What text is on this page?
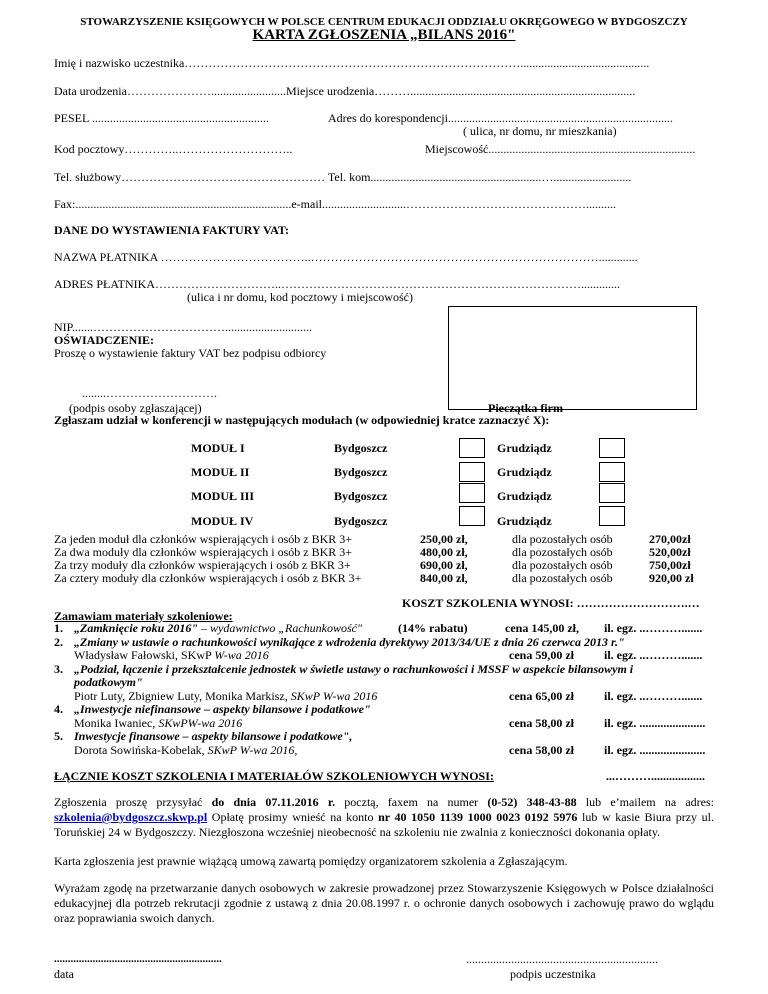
STOWARZYSZENIE KSIĘGOWYCH W POLSCE CENTRUM EDUKACJI ODDZIAŁU OKRĘGOWEGO W BYDGOSZCZY
KARTA ZGŁOSZENIA „BILANS 2016"
Imię i nazwisko uczestnika…………………………………………………………………………...........................................
Data urodzenia………………….........................Miejsce urodzenia………...........................................................................
PESEL ...........................................................	Adres do korespondencji...........................................................................
( ulica, nr domu, nr mieszkania)
Kod pocztowy…………..………………………..	Miejscowość.....................................................................
Tel. służbowy…………………………………………… Tel. kom.........................................................…..........................
Fax:........................................................................e-mail............................………………………………………..........
DANE DO WYSTAWIENIA FAKTURY VAT:
NAZWA PŁATNIKA ………………………………..……………………………………………………………….............
ADRES PŁATNIKA…………………………..………………………………………………………………….............
(ulica i nr domu, kod pocztowy i miejscowość)
NIP.......…………………………….............................
OŚWIADCZENIE:
Proszę o wystawienie faktury VAT bez podpisu odbiorcy
........……………………….
(podpis osoby zgłaszającej)	Pieczątka firm
Zgłaszam udział w konferencji w następujących modułach (w odpowiedniej kratce zaznaczyć X):
MODUŁ I	Bydgoszcz	Grudziądz
MODUŁ II	Bydgoszcz	Grudziądz
MODUŁ III	Bydgoszcz	Grudziądz
MODUŁ IV	Bydgoszcz	Grudziądz
Za jeden moduł dla członków wspierających i osób z BKR 3+	250,00 zł,	dla pozostałych osób	270,00zł
Za dwa moduły dla członków wspierających i osób z BKR 3+	480,00 zł,	dla pozostałych osób	520,00zł
Za trzy moduły dla członków wspierających i osób z BKR 3+	690,00 zł,	dla pozostałych osób	750,00zł
Za cztery moduły dla członków wspierających i osób z BKR 3+	840,00 zł,	dla pozostałych osób	920,00 zł
KOSZT SZKOLENIA WYNOSI: ……………………….…
Zamawiam materiały szkoleniowe:
1. „Zamknięcie roku 2016" – wydawnictwo „Rachunkowość"	(14% rabatu)	cena 145,00 zł, il. egz. ..……….......
2. „Zmiany w ustawie o rachunkowości wynikające z wdrożenia dyrektywy 2013/34/UE z dnia 26 czerwca 2013 r."
Władysław Fałowski, SKwP W-wa 2016	cena 59,00 zł	il. egz. ..……….......
3. „Podział, łączenie i przekształcenie jednostek w świetle ustawy o rachunkowości i MSSF w aspekcie bilansowym i
podatkowym"
Piotr Luty, Zbigniew Luty, Monika Markisz, SKwP W-wa 2016	cena 65,00 zł	il. egz. ..……….......
4. „Inwestycje niefinansowe – aspekty bilansowe i podatkowe"
Monika Iwaniec, SKwPW-wa 2016	cena 58,00 zł	il. egz. ......................
5. Inwestycje finansowe – aspekty bilansowe i podatkowe",
Dorota Sowińska-Kobelak, SKwP W-wa 2016,	cena 58,00 zł	il. egz. ......................
ŁĄCZNIE KOSZT SZKOLENIA I MATERIAŁÓW SZKOLENIOWYCH WYNOSI:	...………..................
Zgłoszenia proszę przysyłać do dnia 07.11.2016 r. pocztą, faxem na numer (0-52) 348-43-88 lub e’mailem na adres: szkolenia@bydgoszcz.skwp.pl Opłatę prosimy wnieść na konto nr 40 1050 1139 1000 0023 0192 5976 lub w kasie Biura przy ul. Toruńskiej 24 w Bydgoszczy. Niezgłoszona wcześniej nieobecność na szkoleniu nie zwalnia z konieczności dokonania opłaty.
Karta zgłoszenia jest prawnie wiążącą umową zawartą pomiędzy organizatorem szkolenia a Zgłaszającym.
Wyrażam zgodę na przetwarzanie danych osobowych w zakresie prowadzonej przez Stowarzyszenie Księgowych w Polsce działalności edukacyjnej dla potrzeb rekrutacji zgodnie z ustawą z dnia 20.08.1997 r. o ochronie danych osobowych i zachowuję prawo do wglądu oraz poprawiania swoich danych.
.............................................................
data
................................................................
podpis uczestnika
